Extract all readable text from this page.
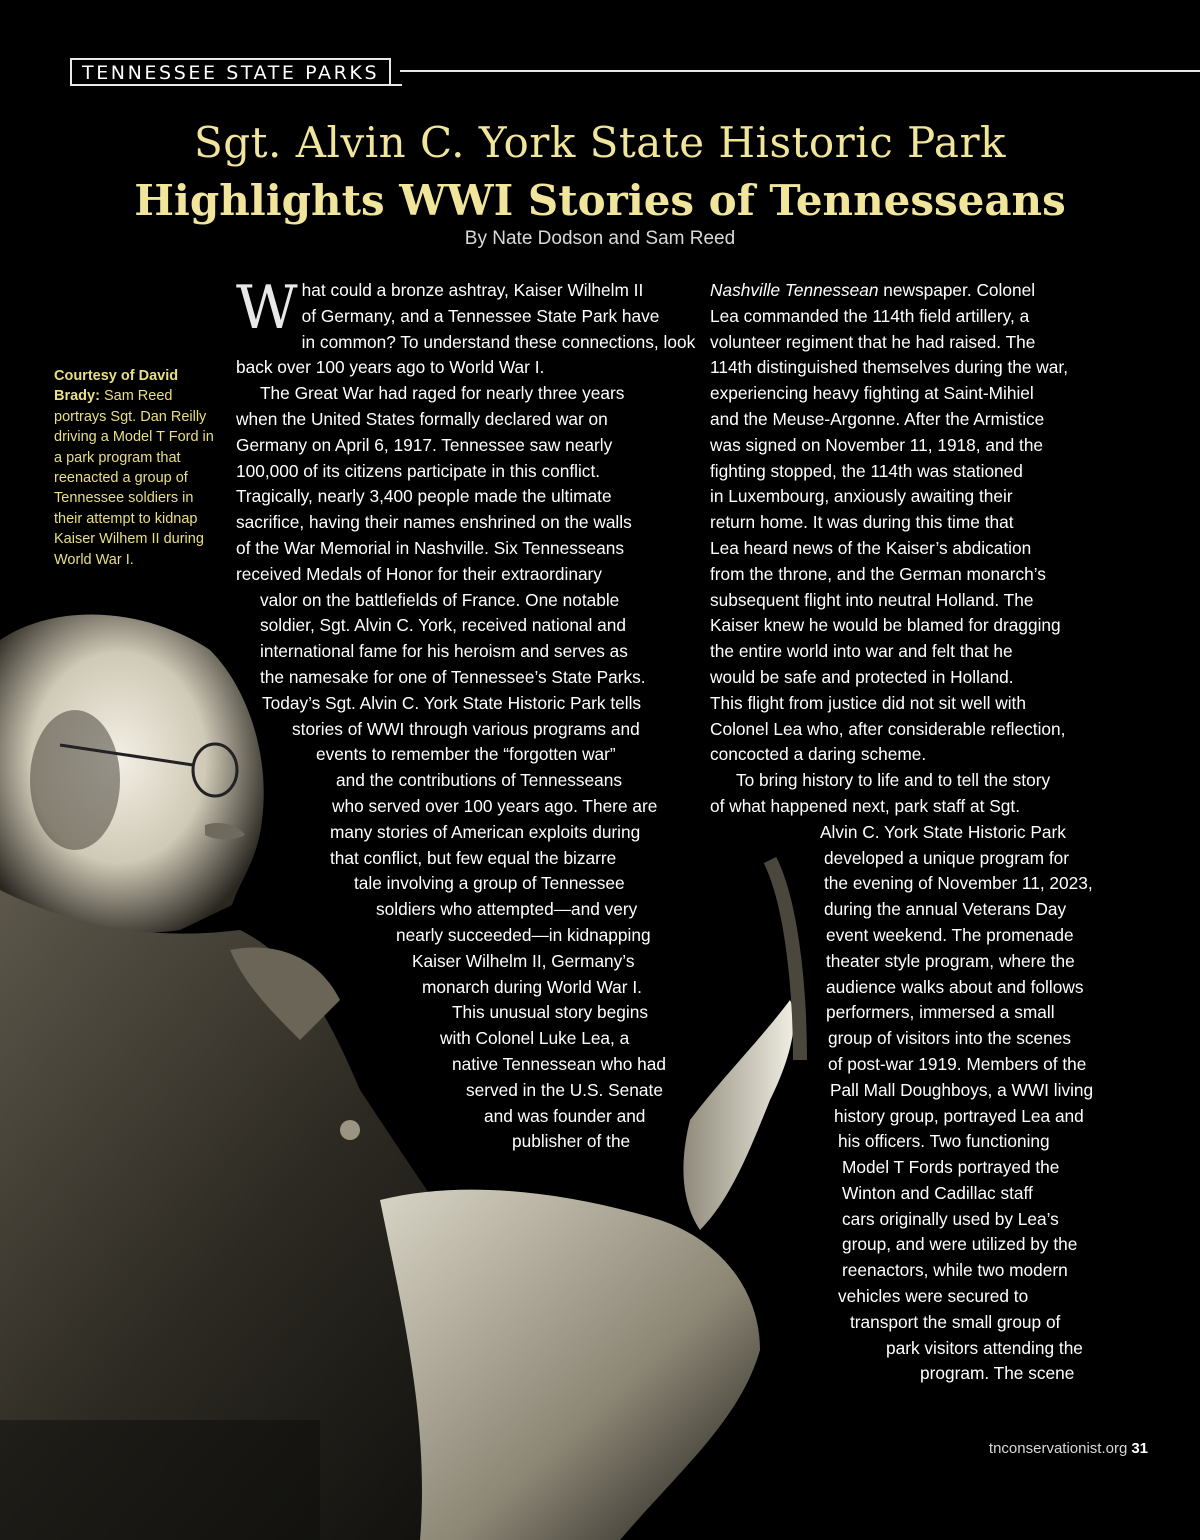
TENNESSEE STATE PARKS
Sgt. Alvin C. York State Historic Park
Highlights WWI Stories of Tennesseans
By Nate Dodson and Sam Reed
Courtesy of David Brady: Sam Reed portrays Sgt. Dan Reilly driving a Model T Ford in a park program that reenacted a group of Tennessee soldiers in their attempt to kidnap Kaiser Wilhem II during World War I.
W hat could a bronze ashtray, Kaiser Wilhelm II
of Germany, and a Tennessee State Park have
in common? To understand these connections, look
back over 100 years ago to World War I.
The Great War had raged for nearly three years
when the United States formally declared war on
Germany on April 6, 1917. Tennessee saw nearly
100,000 of its citizens participate in this conflict.
Tragically, nearly 3,400 people made the ultimate
sacrifice, having their names enshrined on the walls
of the War Memorial in Nashville. Six Tennesseans
received Medals of Honor for their extraordinary
valor on the battlefields of France. One notable
soldier, Sgt. Alvin C. York, received national and
international fame for his heroism and serves as
the namesake for one of Tennessee’s State Parks.
Today’s Sgt. Alvin C. York State Historic Park tells
stories of WWI through various programs and
events to remember the “forgotten war”
and the contributions of Tennesseans
who served over 100 years ago. There are
many stories of American exploits during
that conflict, but few equal the bizarre
tale involving a group of Tennessee
soldiers who attempted—and very
nearly succeeded—in kidnapping
Kaiser Wilhelm II, Germany’s
monarch during World War I.
This unusual story begins
with Colonel Luke Lea, a
native Tennessean who had
served in the U.S. Senate
and was founder and
publisher of the
Nashville Tennessean newspaper. Colonel
Lea commanded the 114th field artillery, a
volunteer regiment that he had raised. The
114th distinguished themselves during the war,
experiencing heavy fighting at Saint-Mihiel
and the Meuse-Argonne. After the Armistice
was signed on November 11, 1918, and the
fighting stopped, the 114th was stationed
in Luxembourg, anxiously awaiting their
return home. It was during this time that
Lea heard news of the Kaiser’s abdication
from the throne, and the German monarch’s
subsequent flight into neutral Holland. The
Kaiser knew he would be blamed for dragging
the entire world into war and felt that he
would be safe and protected in Holland.
This flight from justice did not sit well with
Colonel Lea who, after considerable reflection,
concocted a daring scheme.
To bring history to life and to tell the story
of what happened next, park staff at Sgt.
Alvin C. York State Historic Park
developed a unique program for
the evening of November 11, 2023,
during the annual Veterans Day
event weekend. The promenade
theater style program, where the
audience walks about and follows
performers, immersed a small
group of visitors into the scenes
of post-war 1919. Members of the
Pall Mall Doughboys, a WWI living
history group, portrayed Lea and
his officers. Two functioning
Model T Fords portrayed the
Winton and Cadillac staff
cars originally used by Lea’s
group, and were utilized by the
reenactors, while two modern
vehicles were secured to
transport the small group of
park visitors attending the
program. The scene
tnconservationist.org 31
